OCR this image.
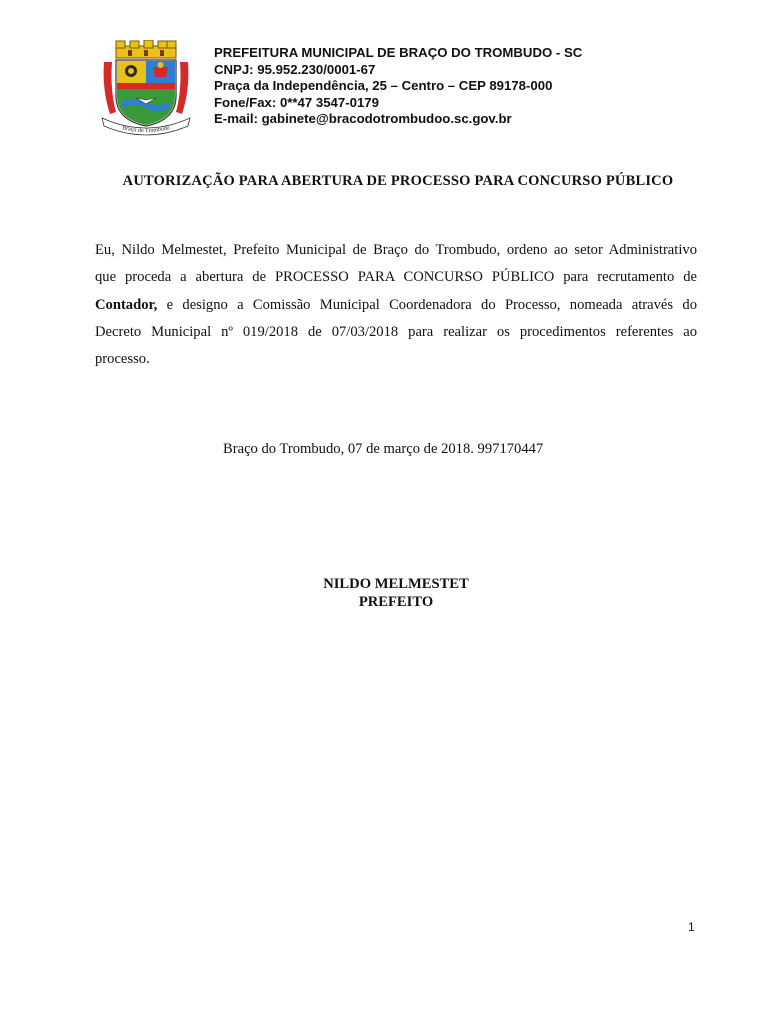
Braço do Trombudo
PREFEITURA MUNICIPAL DE BRAÇO DO TROMBUDO - SC
CNPJ: 95.952.230/0001-67
Praça da Independência, 25 – Centro – CEP 89178-000
Fone/Fax: 0**47 3547-0179
E-mail: gabinete@bracodotrombudoo.sc.gov.br
AUTORIZAÇÃO PARA ABERTURA DE PROCESSO PARA CONCURSO PÚBLICO

Eu, Nildo Melmestet, Prefeito Municipal de Braço do Trombudo, ordeno ao setor Administrativo que proceda a abertura de PROCESSO PARA CONCURSO PÚBLICO para recrutamento de Contador, e designo a Comissão Municipal Coordenadora do Processo, nomeada através do Decreto Municipal nº 019/2018 de 07/03/2018 para realizar os procedimentos referentes ao processo.

Braço do Trombudo, 07 de março de 2018. 997170447
NILDO MELMESTET
PREFEITO
1
